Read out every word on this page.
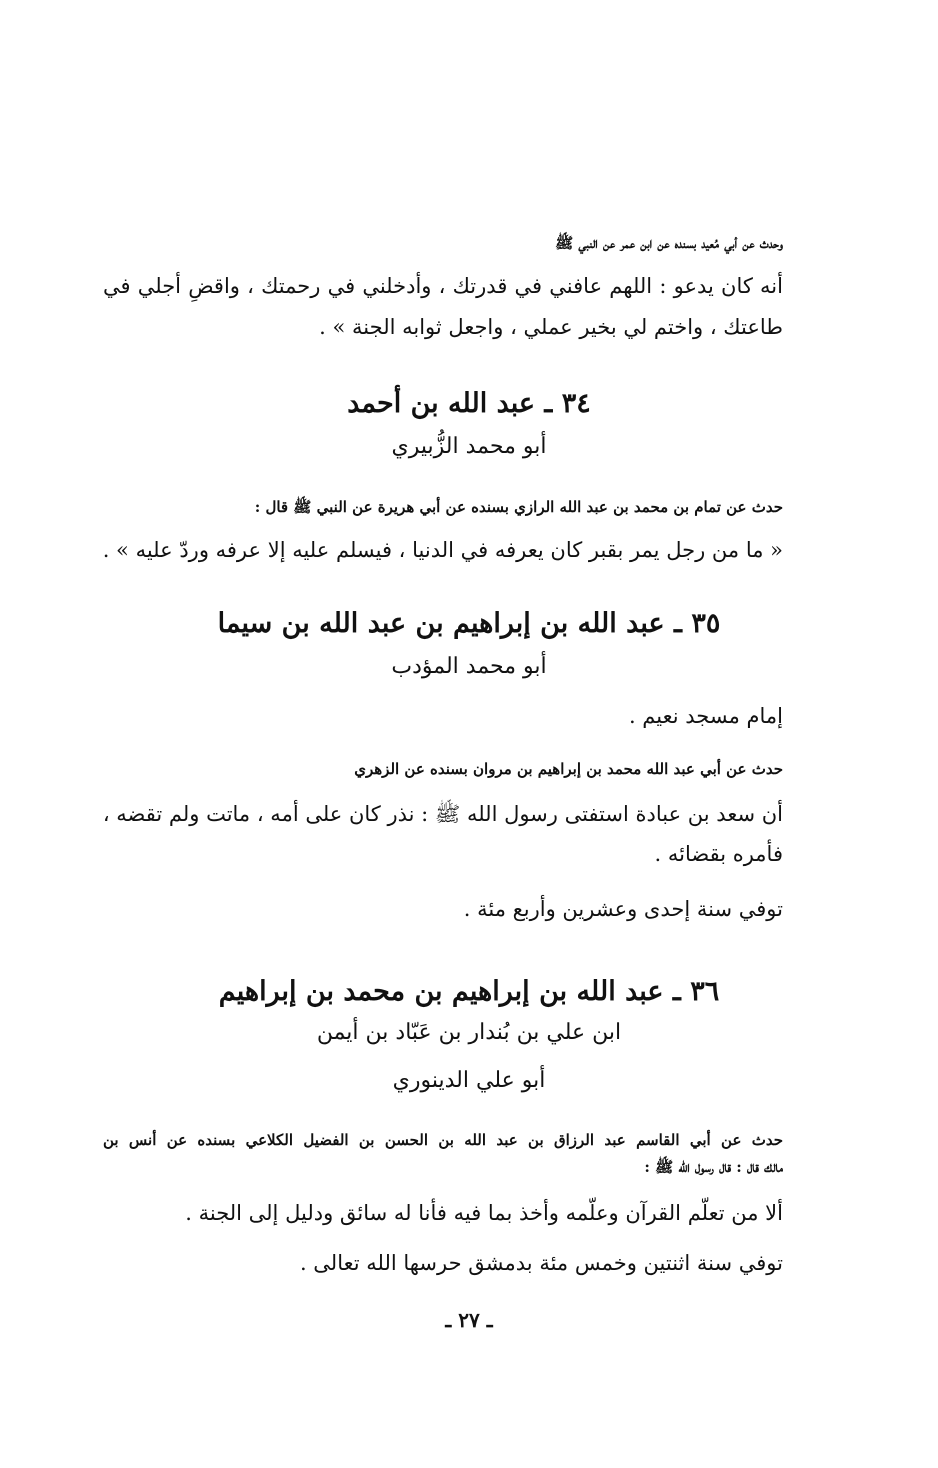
وحدث عن أبي مُعيد بسنده عن ابن عمر عن النبي ﷺ
أنه كان يدعو : اللهم عافني في قدرتك ، وأدخلني في رحمتك ، واقضِ أجلي في
طاعتك ، واختم لي بخير عملي ، واجعل ثوابه الجنة » .
٣٤ ـ عبد الله بن أحمد
أبو محمد الزُّبيري
حدث عن تمام بن محمد بن عبد الله الرازي بسنده عن أبي هريرة عن النبي ﷺ قال :
« ما من رجل يمر بقبر كان يعرفه في الدنيا ، فيسلم عليه إلا عرفه وردّ عليه » .
٣٥ ـ عبد الله بن إبراهيم بن عبد الله بن سيما
أبو محمد المؤدب
إمام مسجد نعيم .
حدث عن أبي عبد الله محمد بن إبراهيم بن مروان بسنده عن الزهري
أن سعد بن عبادة استفتى رسول الله ﷺ : نذر كان على أمه ، ماتت ولم تقضه ،
فأمره بقضائه .
توفي سنة إحدى وعشرين وأربع مئة .
٣٦ ـ عبد الله بن إبراهيم بن محمد بن إبراهيم
ابن علي بن بُندار بن عَبّاد بن أيمن
أبو علي الدينوري
حدث عن أبي القاسم عبد الرزاق بن عبد الله بن الحسن بن الفضيل الكلاعي بسنده عن أنس بن
مالك قال : قال رسول الله ﷺ :
ألا من تعلّم القرآن وعلّمه وأخذ بما فيه فأنا له سائق ودليل إلى الجنة .
توفي سنة اثنتين وخمس مئة بدمشق حرسها الله تعالى .
ـ ٢٧ ـ
